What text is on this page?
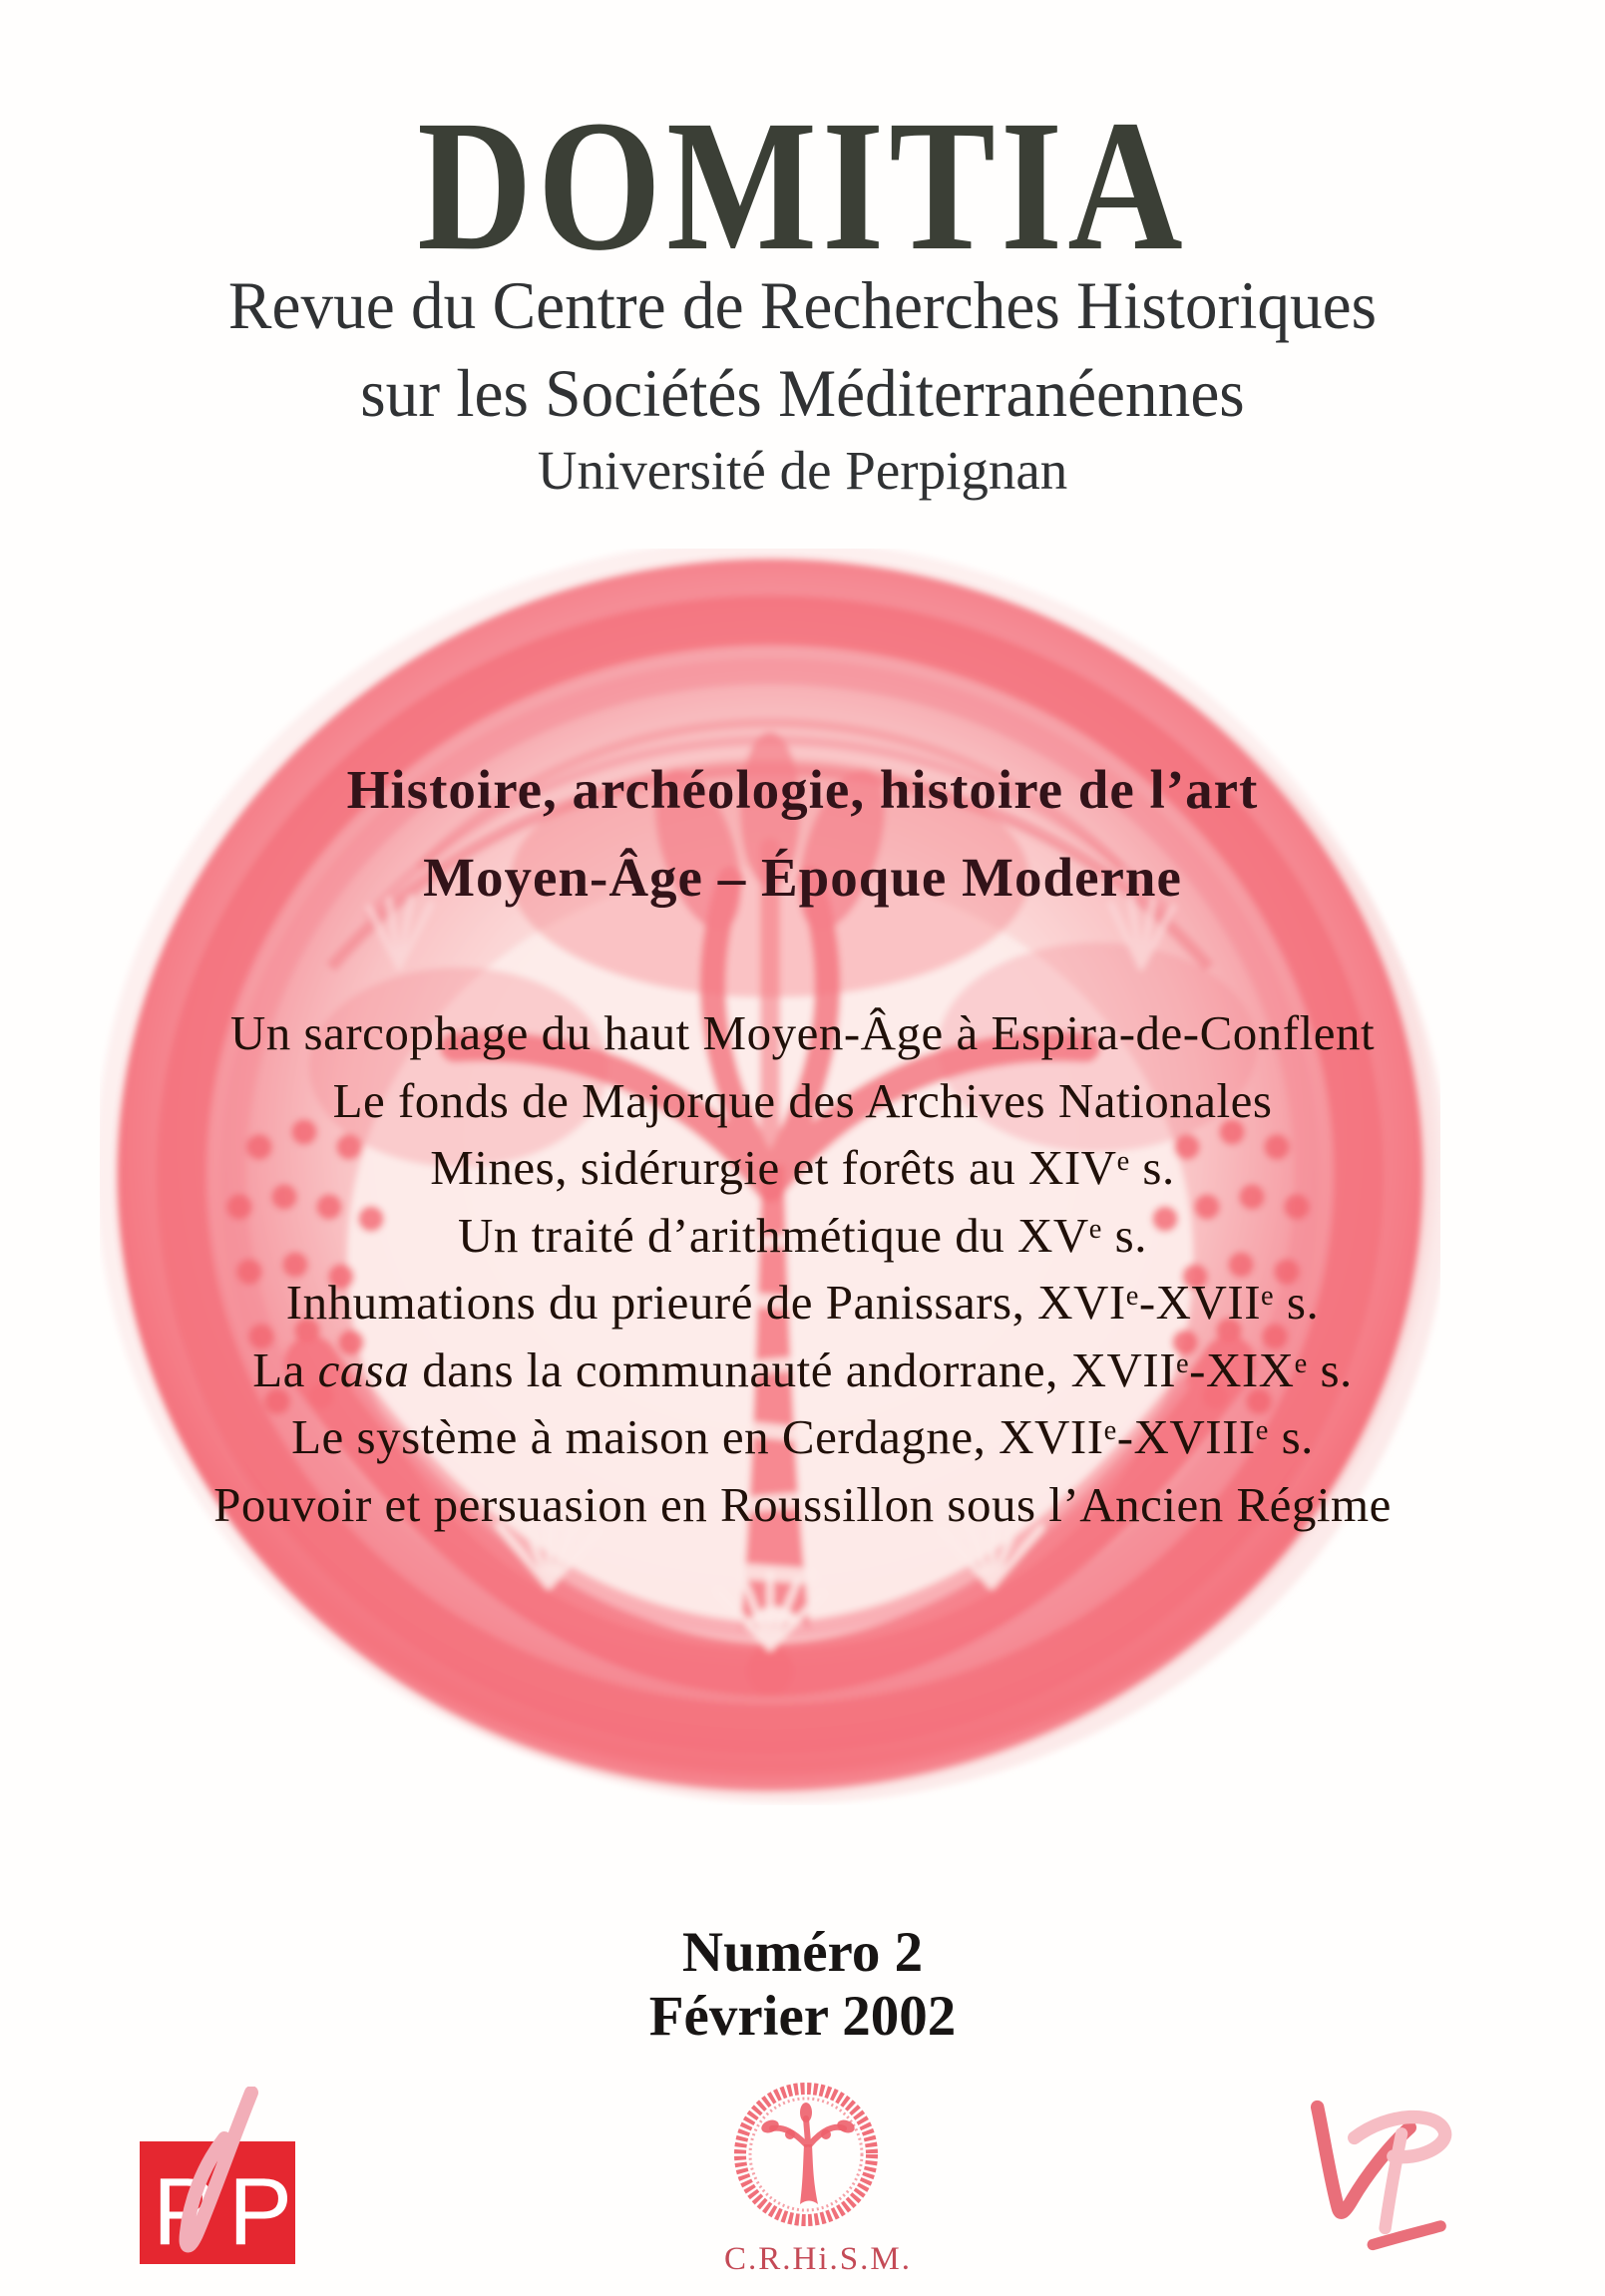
DOMITIA
Revue du Centre de Recherches Historiques
sur les Sociétés Méditerranéennes
Université de Perpignan
Histoire, archéologie, histoire de l’art
Moyen-Âge – Époque Moderne
Un sarcophage du haut Moyen-Âge à Espira-de-Conflent
Le fonds de Majorque des Archives Nationales
Mines, sidérurgie et forêts au XIVe s.
Un traité d’arithmétique du XVe s.
Inhumations du prieuré de Panissars, XVIe-XVIIe s.
La casa dans la communauté andorrane, XVIIe-XIXe s.
Le système à maison en Cerdagne, XVIIe-XVIIIe s.
Pouvoir et persuasion en Roussillon sous l’Ancien Régime
Numéro 2
Février 2002
P P	C.R.Hi.S.M.
